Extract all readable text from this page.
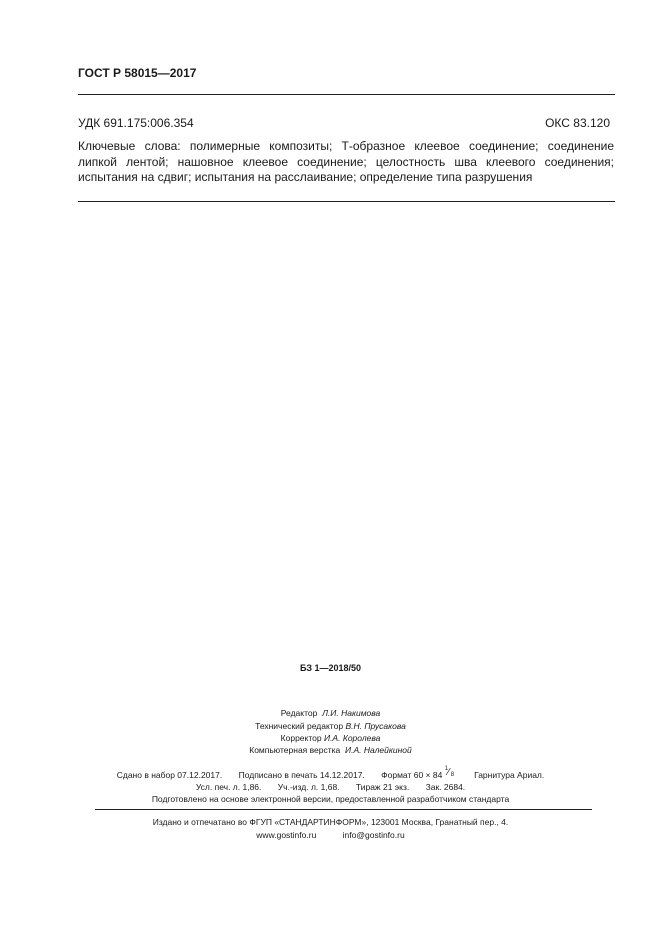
ГОСТ Р 58015—2017
УДК 691.175:006.354	ОКС 83.120
Ключевые слова: полимерные композиты; Т-образное клеевое соединение; соединение липкой лентой; нашовное клеевое соединение; целостность шва клеевого соединения; испытания на сдвиг; испытания на расслаивание; определение типа разрушения
БЗ 1—2018/50
Редактор Л.И. Накимова
Технический редактор В.Н. Прусакова
Корректор И.А. Королева
Компьютерная верстка И.А. Налейкиной
Сдано в набор 07.12.2017. Подписано в печать 14.12.2017. Формат 60 × 84
1 ⁄ 8 Гарнитура Ариал.
Усл. печ. л. 1,86. Уч.-изд. л. 1,68. Тираж 21 экз. Зак. 2684.
Подготовлено на основе электронной версии, предоставленной разработчиком стандарта
Издано и отпечатано во ФГУП «СТАНДАРТИНФОРМ», 123001 Москва, Гранатный пер., 4.
www.gostinfo.ru	info@gostinfo.ru
